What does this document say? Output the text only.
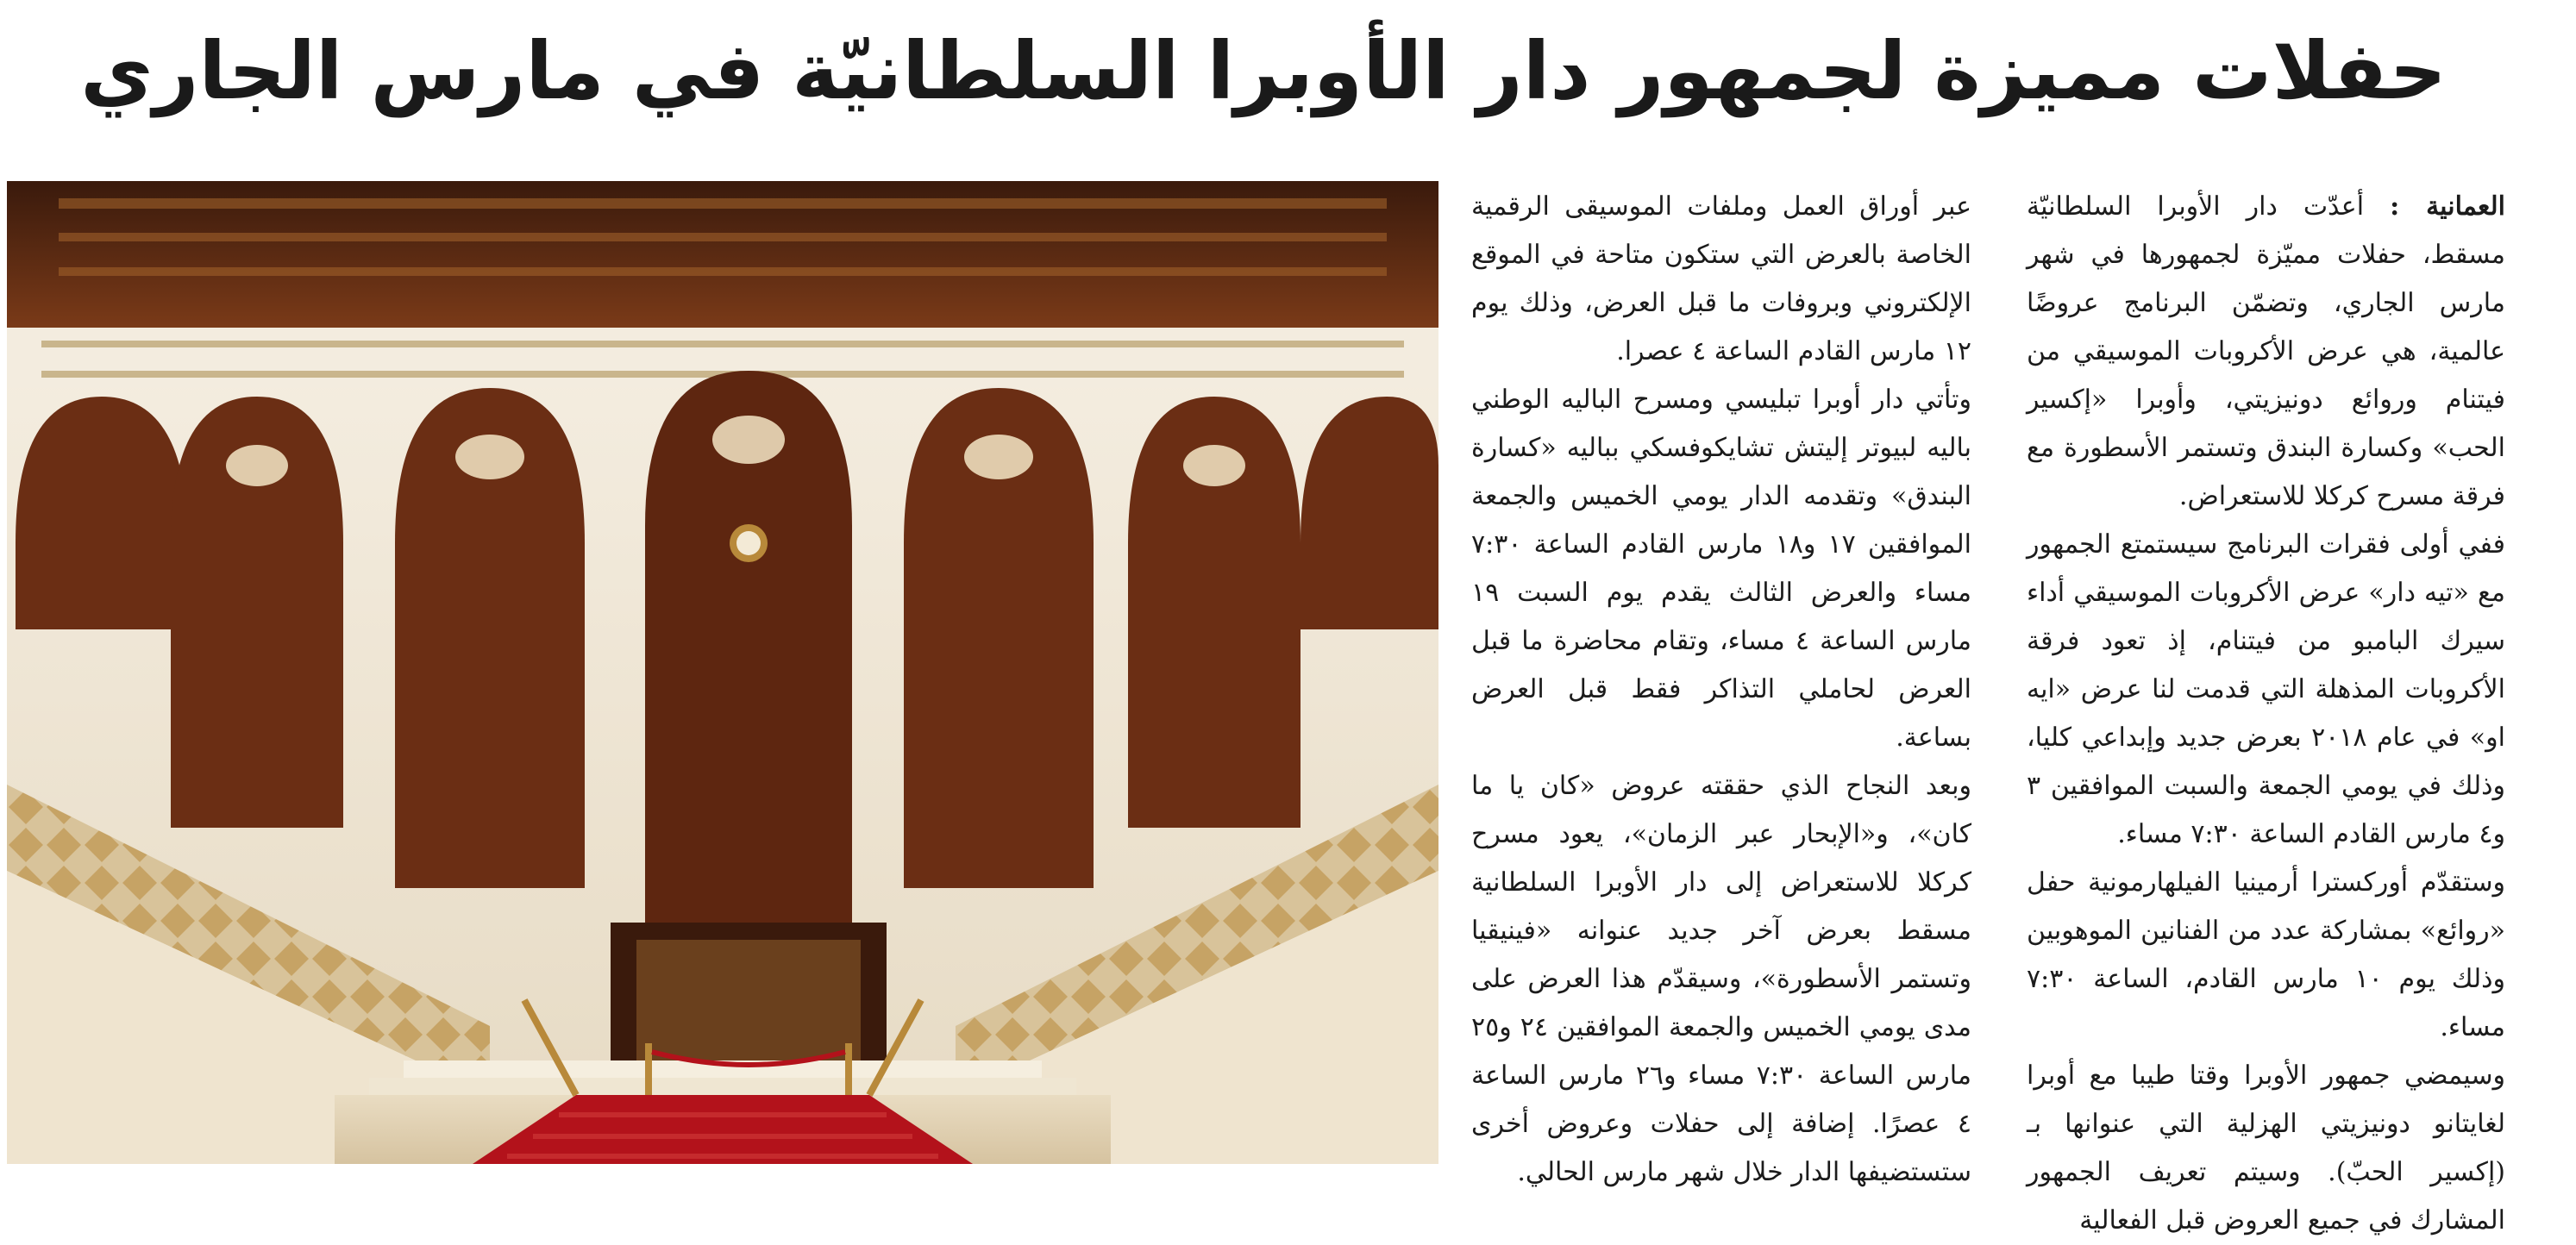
حفلات مميزة لجمهور دار الأوبرا السلطانيّة في مارس الجاري

العمانية : أعدّت دار الأوبرا السلطانيّة مسقط، حفلات مميّزة لجمهورها في شهر مارس الجاري، وتضمّن البرنامج عروضًا عالمية، هي عرض الأكروبات الموسيقي من فيتنام وروائع دونيزيتي، وأوبرا «إكسير الحب» وكسارة البندق وتستمر الأسطورة مع فرقة مسرح كركلا للاستعراض.

ففي أولى فقرات البرنامج سيستمتع الجمهور مع «تيه دار» عرض الأكروبات الموسيقي أداء سيرك البامبو من فيتنام، إذ تعود فرقة الأكروبات المذهلة التي قدمت لنا عرض «ايه او» في عام ٢٠١٨ بعرض جديد وإبداعي كليا، وذلك في يومي الجمعة والسبت الموافقين ٣ و٤ مارس القادم الساعة ٧:٣٠ مساء.

وستقدّم أوركسترا أرمينيا الفيلهارمونية حفل «روائع» بمشاركة عدد من الفنانين الموهوبين وذلك يوم ١٠ مارس القادم، الساعة ٧:٣٠ مساء.

وسيمضي جمهور الأوبرا وقتا طيبا مع أوبرا لغايتانو دونيزيتي الهزلية التي عنوانها بـ (إكسير الحبّ). وسيتم تعريف الجمهور المشارك في جميع العروض قبل الفعالية

عبر أوراق العمل وملفات الموسيقى الرقمية الخاصة بالعرض التي ستكون متاحة في الموقع الإلكتروني وبروفات ما قبل العرض، وذلك يوم ١٢ مارس القادم الساعة ٤ عصرا.

وتأتي دار أوبرا تبليسي ومسرح الباليه الوطني باليه لبيوتر إليتش تشايكوفسكي بباليه «كسارة البندق» وتقدمه الدار يومي الخميس والجمعة الموافقين ١٧ و١٨ مارس القادم الساعة ٧:٣٠ مساء والعرض الثالث يقدم يوم السبت ١٩ مارس الساعة ٤ مساء، وتقام محاضرة ما قبل العرض لحاملي التذاكر فقط قبل العرض بساعة.

وبعد النجاح الذي حققته عروض «كان يا ما كان»، و«الإبحار عبر الزمان»، يعود مسرح كركلا للاستعراض إلى دار الأوبرا السلطانية مسقط بعرض آخر جديد عنوانه «فينيقيا وتستمر الأسطورة»، وسيقدّم هذا العرض على مدى يومي الخميس والجمعة الموافقين ٢٤ و٢٥ مارس الساعة ٧:٣٠ مساء و٢٦ مارس الساعة ٤ عصرًا. إضافة إلى حفلات وعروض أخرى ستستضيفها الدار خلال شهر مارس الحالي.
